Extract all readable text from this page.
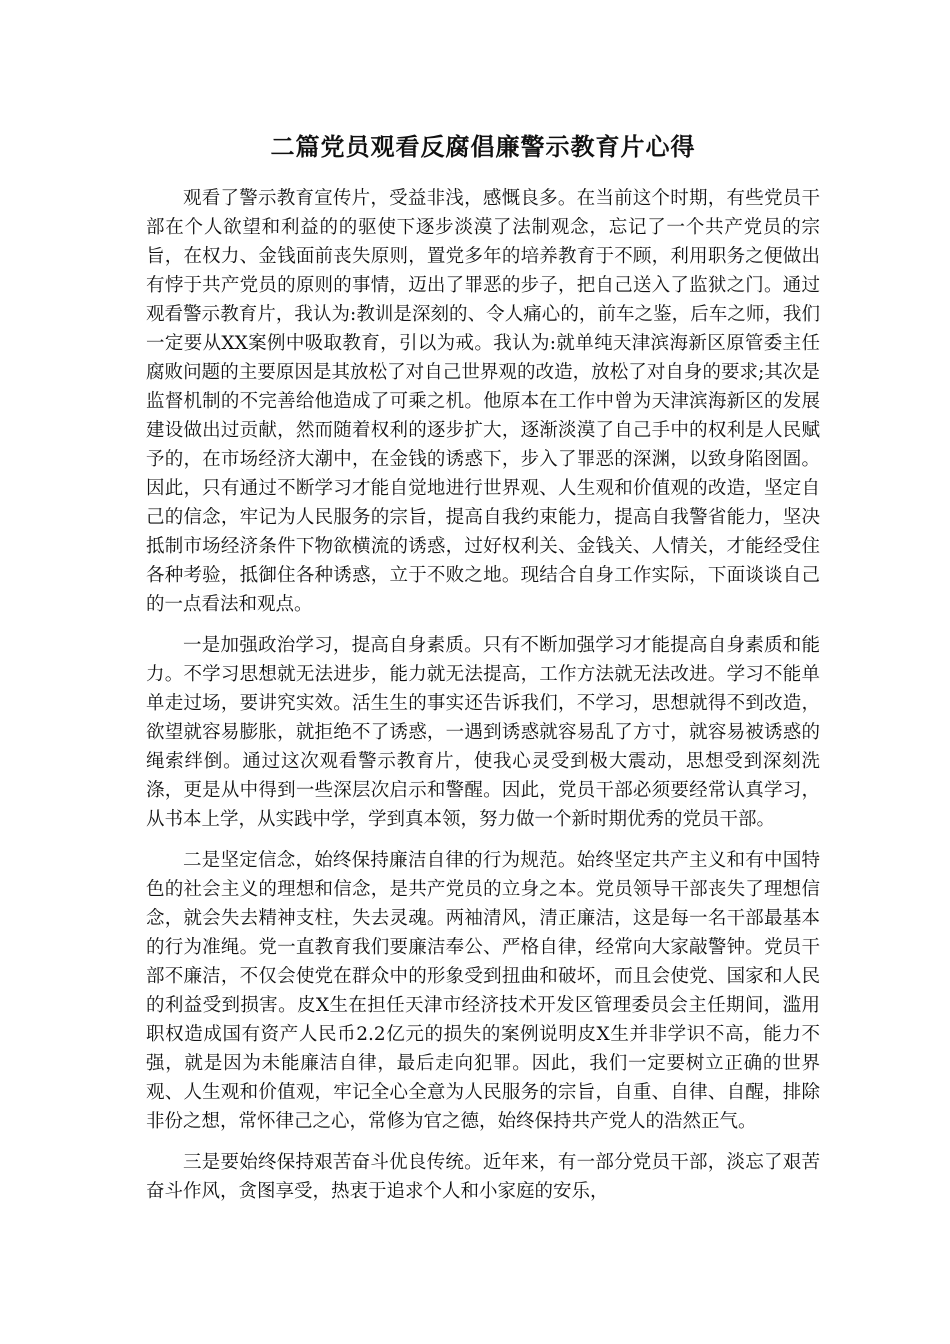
二篇党员观看反腐倡廉警示教育片心得

观看了警示教育宣传片，受益非浅，感慨良多。在当前这个时期，有些党员干部在个人欲望和利益的的驱使下逐步淡漠了法制观念，忘记了一个共产党员的宗旨，在权力、金钱面前丧失原则，置党多年的培养教育于不顾，利用职务之便做出有悖于共产党员的原则的事情，迈出了罪恶的步子，把自己送入了监狱之门。通过观看警示教育片，我认为:教训是深刻的、令人痛心的，前车之鉴，后车之师，我们一定要从XX案例中吸取教育，引以为戒。我认为:就单纯天津滨海新区原管委主任腐败问题的主要原因是其放松了对自己世界观的改造，放松了对自身的要求;其次是监督机制的不完善给他造成了可乘之机。他原本在工作中曾为天津滨海新区的发展建设做出过贡献，然而随着权利的逐步扩大，逐渐淡漠了自己手中的权利是人民赋予的，在市场经济大潮中，在金钱的诱惑下，步入了罪恶的深渊，以致身陷囹圄。因此，只有通过不断学习才能自觉地进行世界观、人生观和价值观的改造，坚定自己的信念，牢记为人民服务的宗旨，提高自我约束能力，提高自我警省能力，坚决抵制市场经济条件下物欲横流的诱惑，过好权利关、金钱关、人情关，才能经受住各种考验，抵御住各种诱惑，立于不败之地。现结合自身工作实际，下面谈谈自己的一点看法和观点。

一是加强政治学习，提高自身素质。只有不断加强学习才能提高自身素质和能力。不学习思想就无法进步，能力就无法提高，工作方法就无法改进。学习不能单单走过场，要讲究实效。活生生的事实还告诉我们，不学习，思想就得不到改造，欲望就容易膨胀，就拒绝不了诱惑，一遇到诱惑就容易乱了方寸，就容易被诱惑的绳索绊倒。通过这次观看警示教育片，使我心灵受到极大震动，思想受到深刻洗涤，更是从中得到一些深层次启示和警醒。因此，党员干部必须要经常认真学习，从书本上学，从实践中学，学到真本领，努力做一个新时期优秀的党员干部。

二是坚定信念，始终保持廉洁自律的行为规范。始终坚定共产主义和有中国特色的社会主义的理想和信念，是共产党员的立身之本。党员领导干部丧失了理想信念，就会失去精神支柱，失去灵魂。两袖清风，清正廉洁，这是每一名干部最基本的行为准绳。党一直教育我们要廉洁奉公、严格自律，经常向大家敲警钟。党员干部不廉洁，不仅会使党在群众中的形象受到扭曲和破坏，而且会使党、国家和人民的利益受到损害。皮X生在担任天津市经济技术开发区管理委员会主任期间，滥用职权造成国有资产人民币2.2亿元的损失的案例说明皮X生并非学识不高，能力不强，就是因为未能廉洁自律，最后走向犯罪。因此，我们一定要树立正确的世界观、人生观和价值观，牢记全心全意为人民服务的宗旨，自重、自律、自醒，排除非份之想，常怀律己之心，常修为官之德，始终保持共产党人的浩然正气。

三是要始终保持艰苦奋斗优良传统。近年来，有一部分党员干部，淡忘了艰苦奋斗作风，贪图享受，热衷于追求个人和小家庭的安乐，
